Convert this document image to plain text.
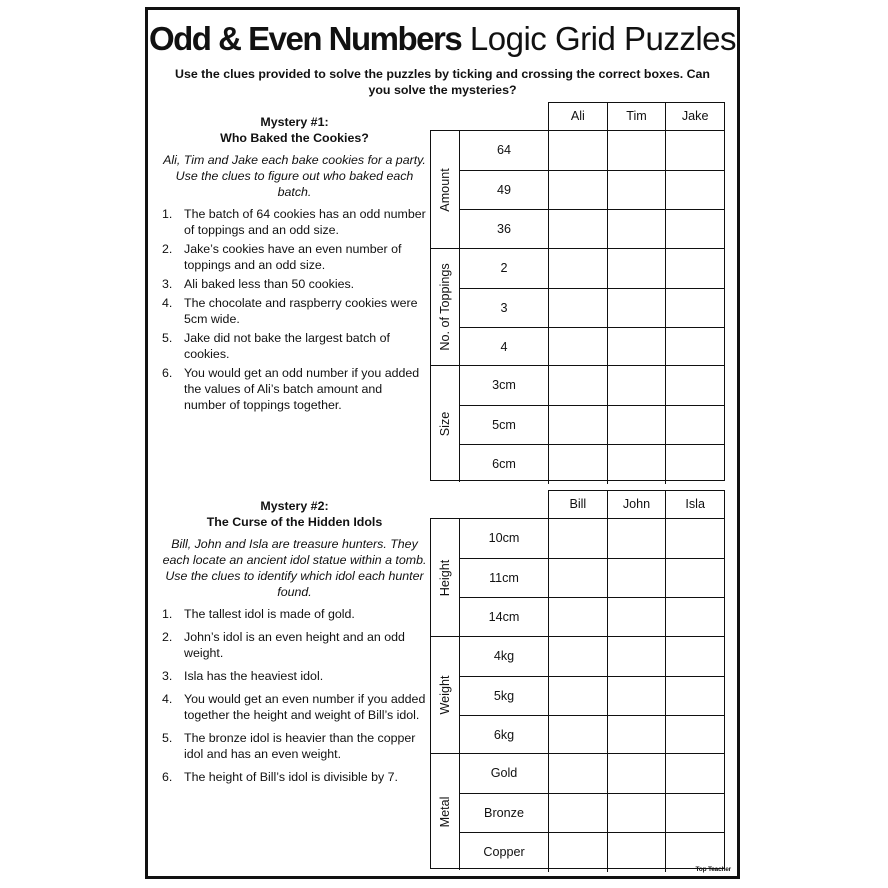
Odd & Even Numbers Logic Grid Puzzles
Use the clues provided to solve the puzzles by ticking and crossing the correct boxes. Can you solve the mysteries?
Mystery #1:
Who Baked the Cookies?
Ali, Tim and Jake each bake cookies for a party. Use the clues to figure out who baked each batch.
1. The batch of 64 cookies has an odd number of toppings and an odd size.
2. Jake’s cookies have an even number of toppings and an odd size.
3. Ali baked less than 50 cookies.
4. The chocolate and raspberry cookies were 5cm wide.
5. Jake did not bake the largest batch of cookies.
6. You would get an odd number if you added the values of Ali’s batch amount and number of toppings together.
Ali	Tim	Jake
Amount
64
49
36
No. of Toppings	2
3
4
Size
3cm
5cm
6cm
Mystery #2:
The Curse of the Hidden Idols
Bill, John and Isla are treasure hunters. They each locate an ancient idol statue within a tomb. Use the clues to identify which idol each hunter found.
1. The tallest idol is made of gold.
2. John’s idol is an even height and an odd weight.
3. Isla has the heaviest idol.
4. You would get an even number if you added together the height and weight of Bill’s idol.
5. The bronze idol is heavier than the copper idol and has an even weight.
6. The height of Bill’s idol is divisible by 7.
Bill	John	Isla
Height
10cm
11cm
14cm
Weight
4kg
5kg
6kg
Metal
Gold
Bronze
Copper
Top Teacher
